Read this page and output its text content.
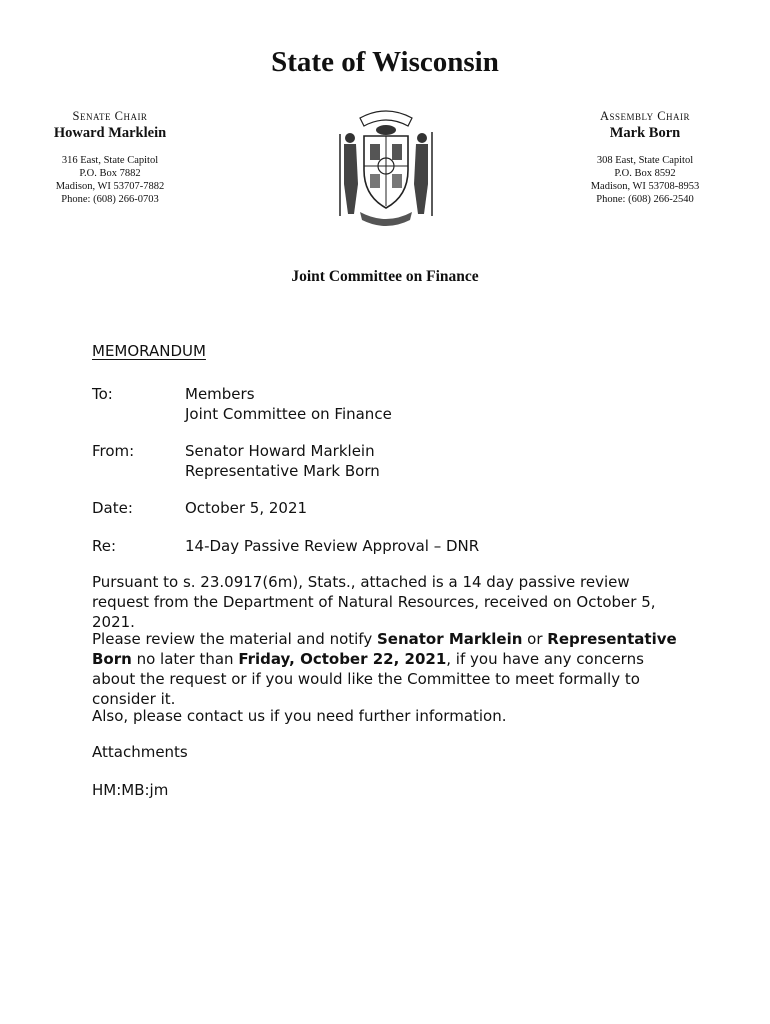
State of Wisconsin
Senate Chair
Howard Marklein
316 East, State Capitol
P.O. Box 7882
Madison, WI 53707-7882
Phone: (608) 266-0703
Assembly Chair
Mark Born
308 East, State Capitol
P.O. Box 8592
Madison, WI 53708-8953
Phone: (608) 266-2540
Joint Committee on Finance
MEMORANDUM
To:	Members
Joint Committee on Finance
From:	Senator Howard Marklein
Representative Mark Born
Date:	October 5, 2021
Re:	14-Day Passive Review Approval – DNR
Pursuant to s. 23.0917(6m), Stats., attached is a 14 day passive review request from the Department of Natural Resources, received on October 5, 2021.
Please review the material and notify Senator Marklein or Representative Born no later than Friday, October 22, 2021, if you have any concerns about the request or if you would like the Committee to meet formally to consider it.
Also, please contact us if you need further information.
Attachments
HM:MB:jm
